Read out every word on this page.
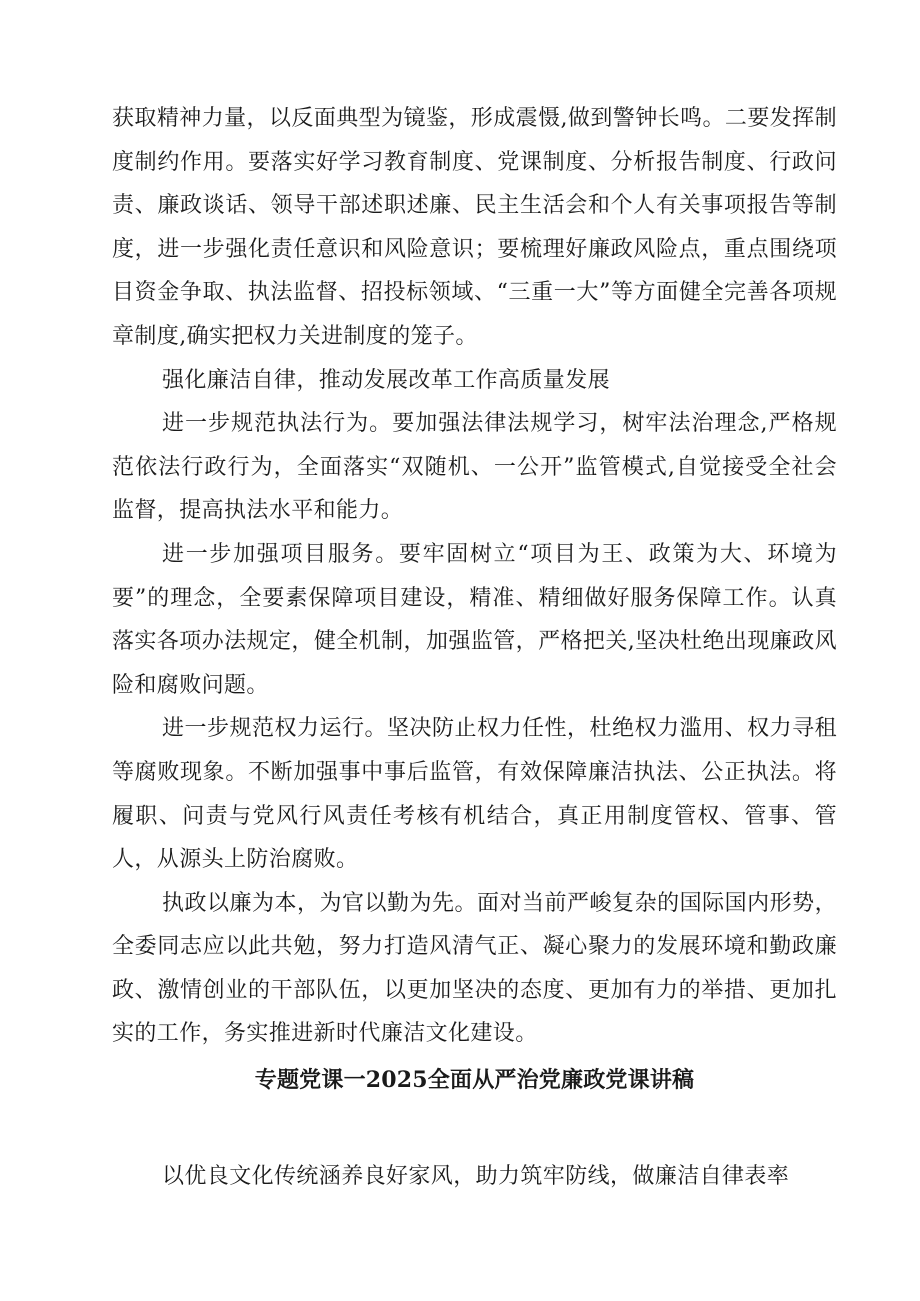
获取精神力量，以反面典型为镜鉴，形成震慑,做到警钟长鸣。二要发挥制度制约作用。要落实好学习教育制度、党课制度、分析报告制度、行政问责、廉政谈话、领导干部述职述廉、民主生活会和个人有关事项报告等制度，进一步强化责任意识和风险意识；要梳理好廉政风险点，重点围绕项目资金争取、执法监督、招投标领域、“三重一大”等方面健全完善各项规章制度,确实把权力关进制度的笼子。

强化廉洁自律，推动发展改革工作高质量发展

进一步规范执法行为。要加强法律法规学习，树牢法治理念,严格规范依法行政行为，全面落实“双随机、一公开”监管模式,自觉接受全社会监督，提高执法水平和能力。

进一步加强项目服务。要牢固树立“项目为王、政策为大、环境为要”的理念，全要素保障项目建设，精准、精细做好服务保障工作。认真落实各项办法规定，健全机制，加强监管，严格把关,坚决杜绝出现廉政风险和腐败问题。

进一步规范权力运行。坚决防止权力任性，杜绝权力滥用、权力寻租等腐败现象。不断加强事中事后监管，有效保障廉洁执法、公正执法。将履职、问责与党风行风责任考核有机结合，真正用制度管权、管事、管人，从源头上防治腐败。

执政以廉为本，为官以勤为先。面对当前严峻复杂的国际国内形势，全委同志应以此共勉，努力打造风清气正、凝心聚力的发展环境和勤政廉政、激情创业的干部队伍，以更加坚决的态度、更加有力的举措、更加扎实的工作，务实推进新时代廉洁文化建设。

专题党课一2025全面从严治党廉政党课讲稿

以优良文化传统涵养良好家风，助力筑牢防线，做廉洁自律表率
